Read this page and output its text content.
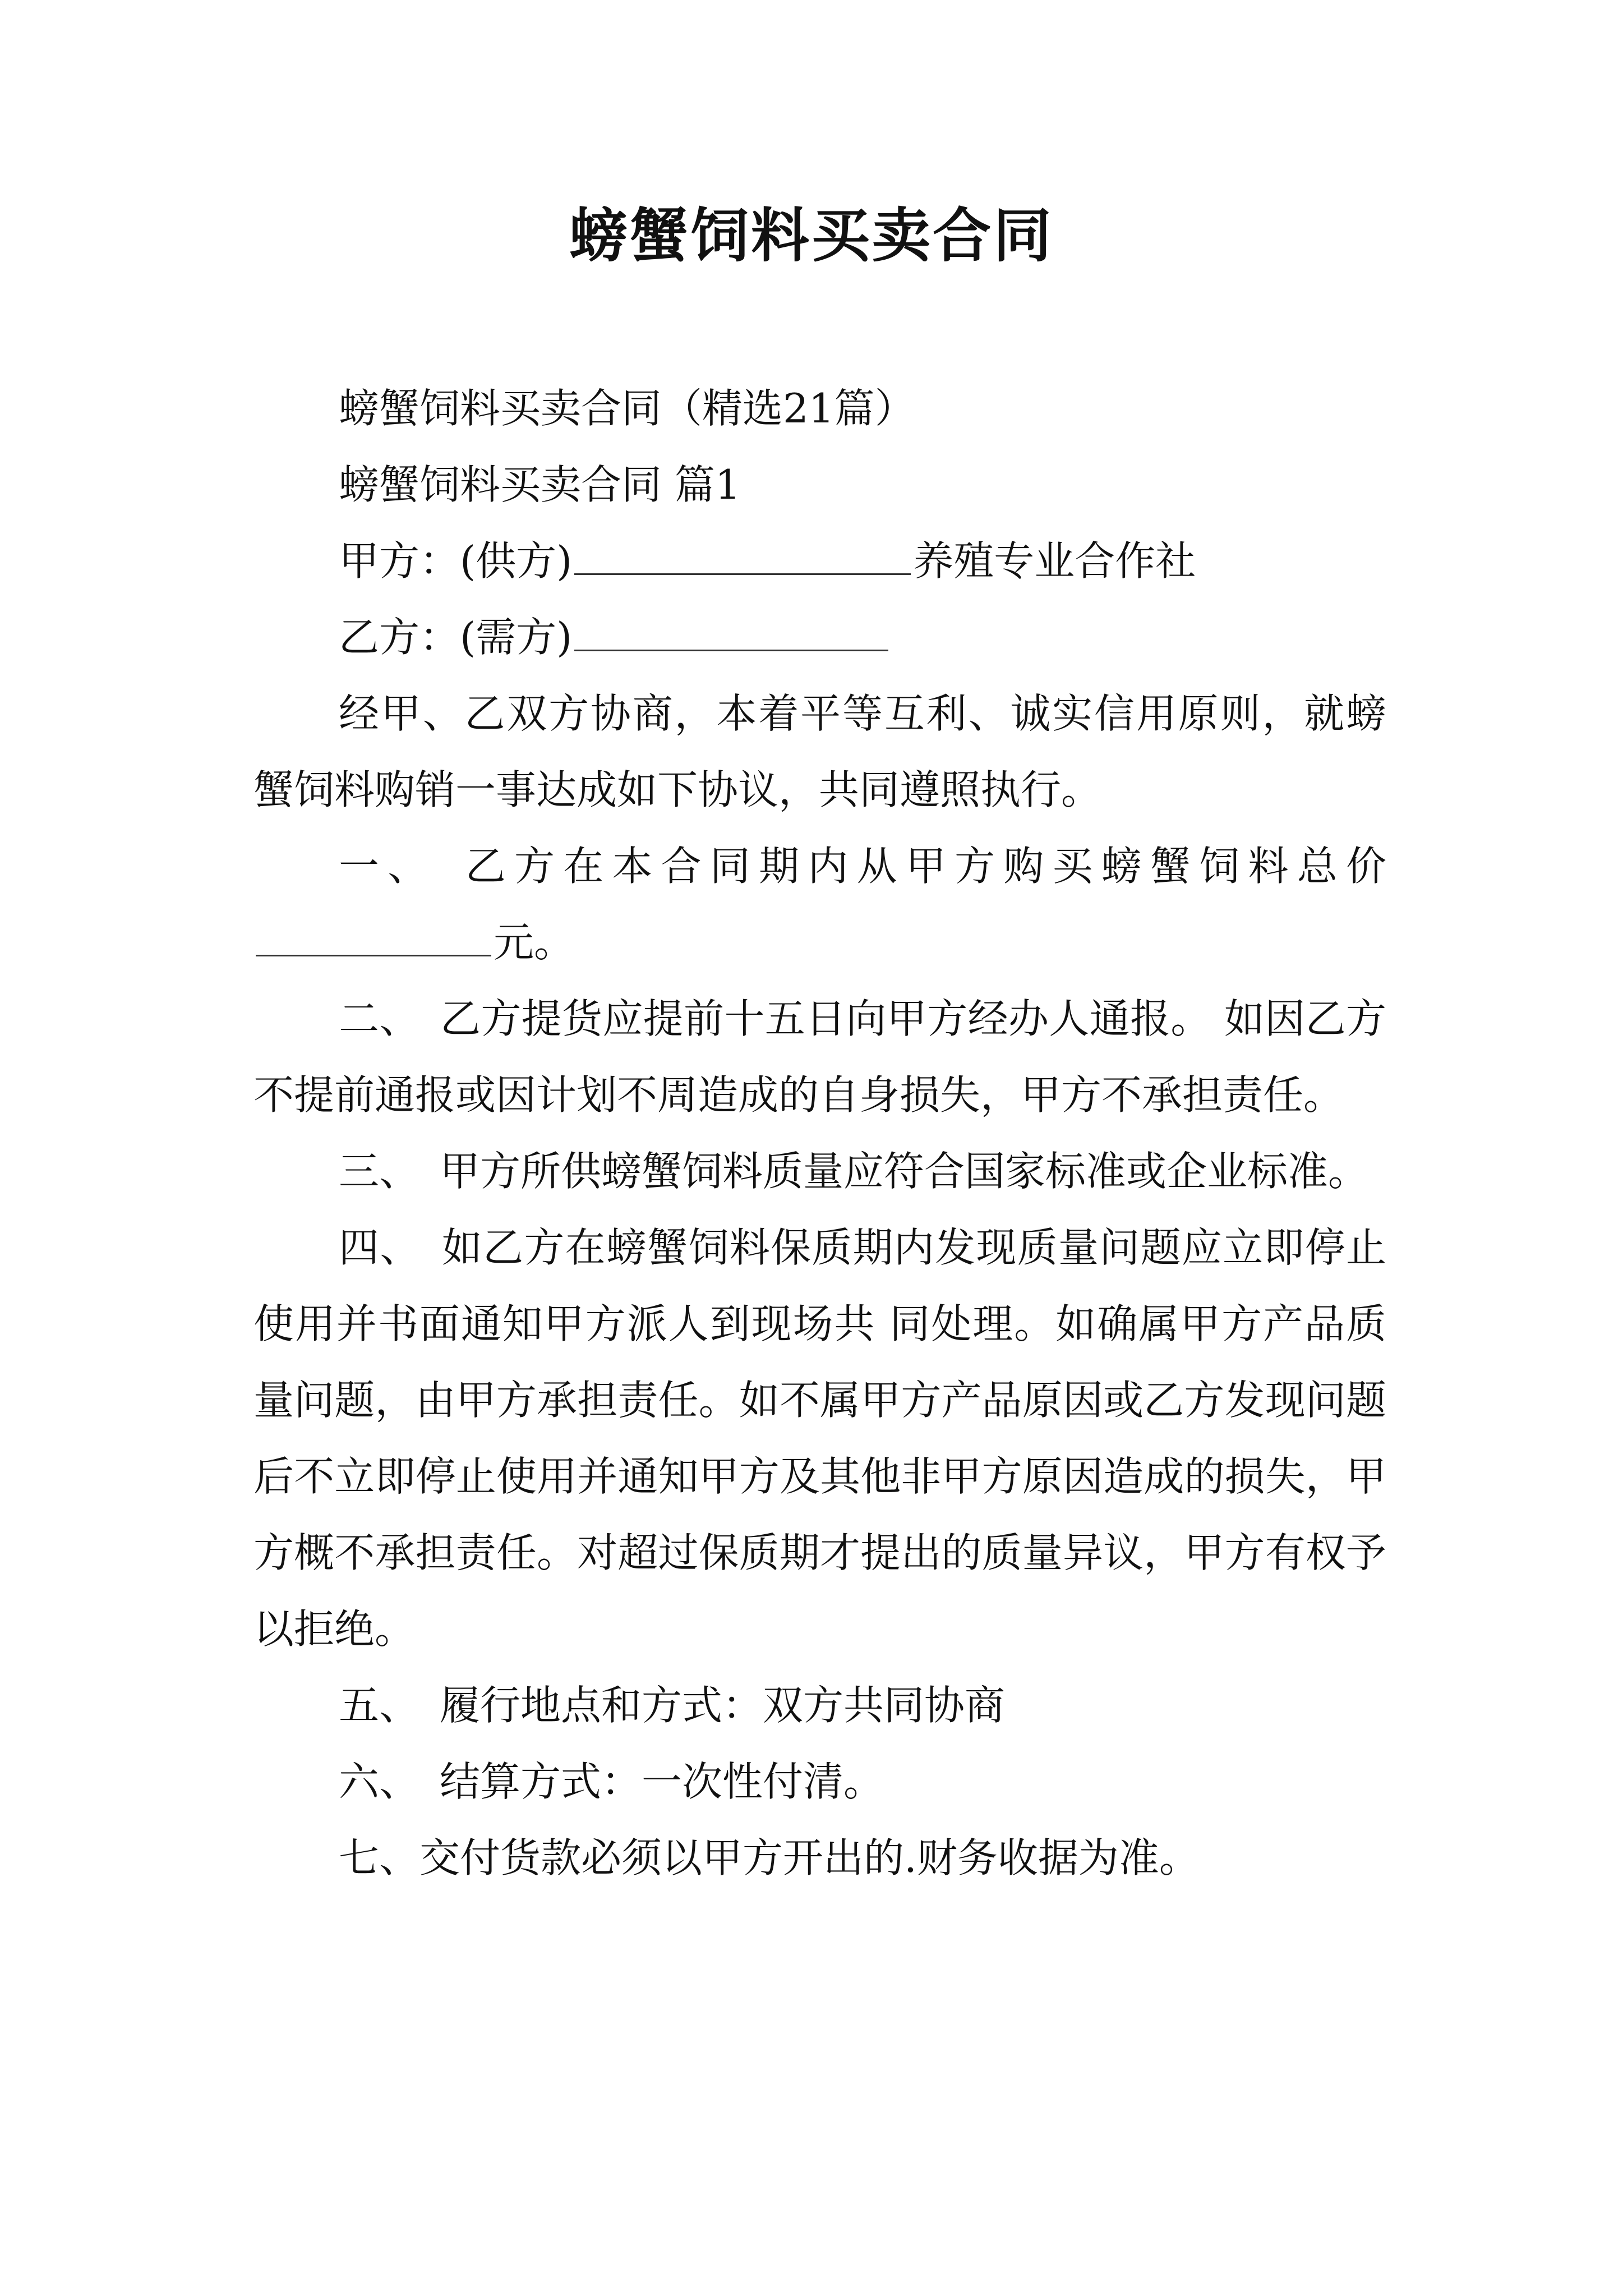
螃蟹饲料买卖合同
螃蟹饲料买卖合同（精选21篇）
螃蟹饲料买卖合同 篇1
甲方：(供方)	养殖专业合作社
乙方：(需方)
经甲、乙双方协商，本着平等互利、诚实信用原则，就螃蟹饲料购销一事达成如下协议，共同遵照执行。
一、　乙方在本合同期内从甲方购买螃蟹饲料总价
元。
二、　乙方提货应提前十五日向甲方经办人通报。 如因乙方不提前通报或因计划不周造成的自身损失，甲方不承担责任。
三、　甲方所供螃蟹饲料质量应符合国家标准或企业标准。
四、　如乙方在螃蟹饲料保质期内发现质量问题应立即停止使用并书面通知甲方派人到现场共 同处理。如确属甲方产品质量问题，由甲方承担责任。如不属甲方产品原因或乙方发现问题后不立即停止使用并通知甲方及其他非甲方原因造成的损失，甲方概不承担责任。对超过保质期才提出的质量异议，甲方有权予以拒绝。
五、　履行地点和方式：双方共同协商
六、　结算方式：一次性付清。
七、交付货款必须以甲方开出的.财务收据为准。
